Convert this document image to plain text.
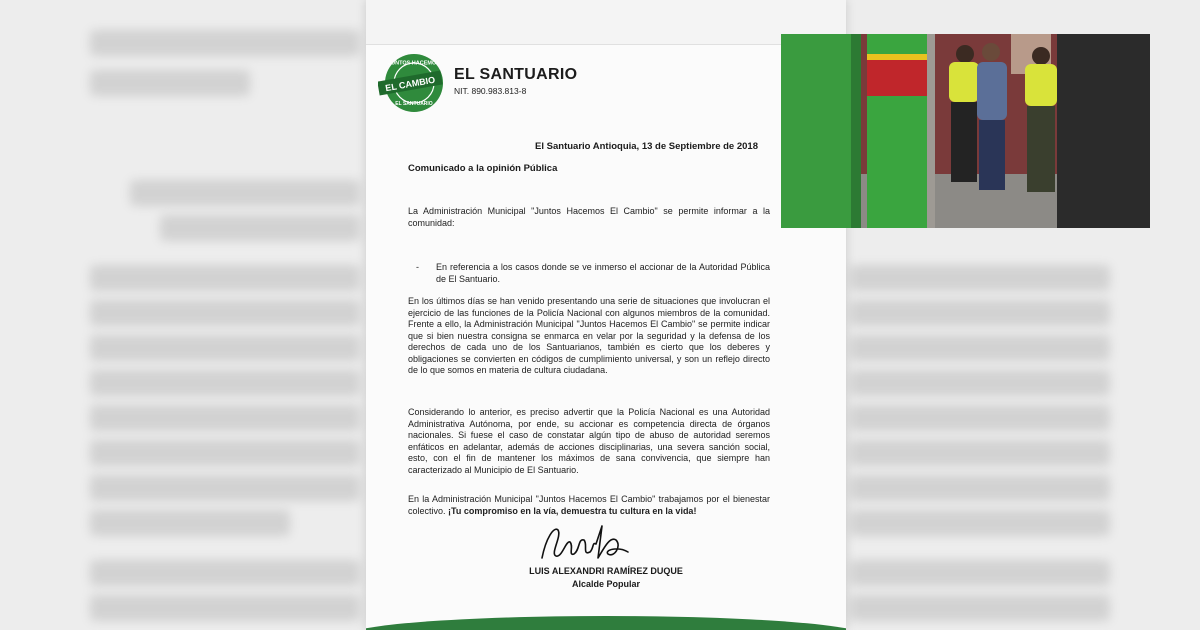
JUNTOS HACEMOS
EL CAMBIO
EL SANTUARIO
EL SANTUARIO
NIT. 890.983.813-8
El Santuario Antioquia, 13 de Septiembre de 2018
Comunicado a la opinión Pública
La Administración Municipal "Juntos Hacemos El Cambio" se permite informar a la comunidad:
- En referencia a los casos donde se ve inmerso el accionar de la Autoridad Pública de El Santuario.
En los últimos días se han venido presentando una serie de situaciones que involucran el ejercicio de las funciones de la Policía Nacional con algunos miembros de la comunidad. Frente a ello, la Administración Municipal "Juntos Hacemos El Cambio" se permite indicar que si bien nuestra consigna se enmarca en velar por la seguridad y la defensa de los derechos de cada uno de los Santuarianos, también es cierto que los deberes y obligaciones se convierten en códigos de cumplimiento universal, y son un reflejo directo de lo que somos en materia de cultura ciudadana.
Considerando lo anterior, es preciso advertir que la Policía Nacional es una Autoridad Administrativa Autónoma, por ende, su accionar es competencia directa de órganos nacionales. Si fuese el caso de constatar algún tipo de abuso de autoridad seremos enfáticos en adelantar, además de acciones disciplinarias, una severa sanción social, esto, con el fin de mantener los máximos de sana convivencia, que siempre han caracterizado al Municipio de El Santuario.
En la Administración Municipal "Juntos Hacemos El Cambio" trabajamos por el bienestar colectivo. ¡Tu compromiso en la vía, demuestra tu cultura en la vida!
LUIS ALEXANDRI RAMÍREZ DUQUE
Alcalde Popular
